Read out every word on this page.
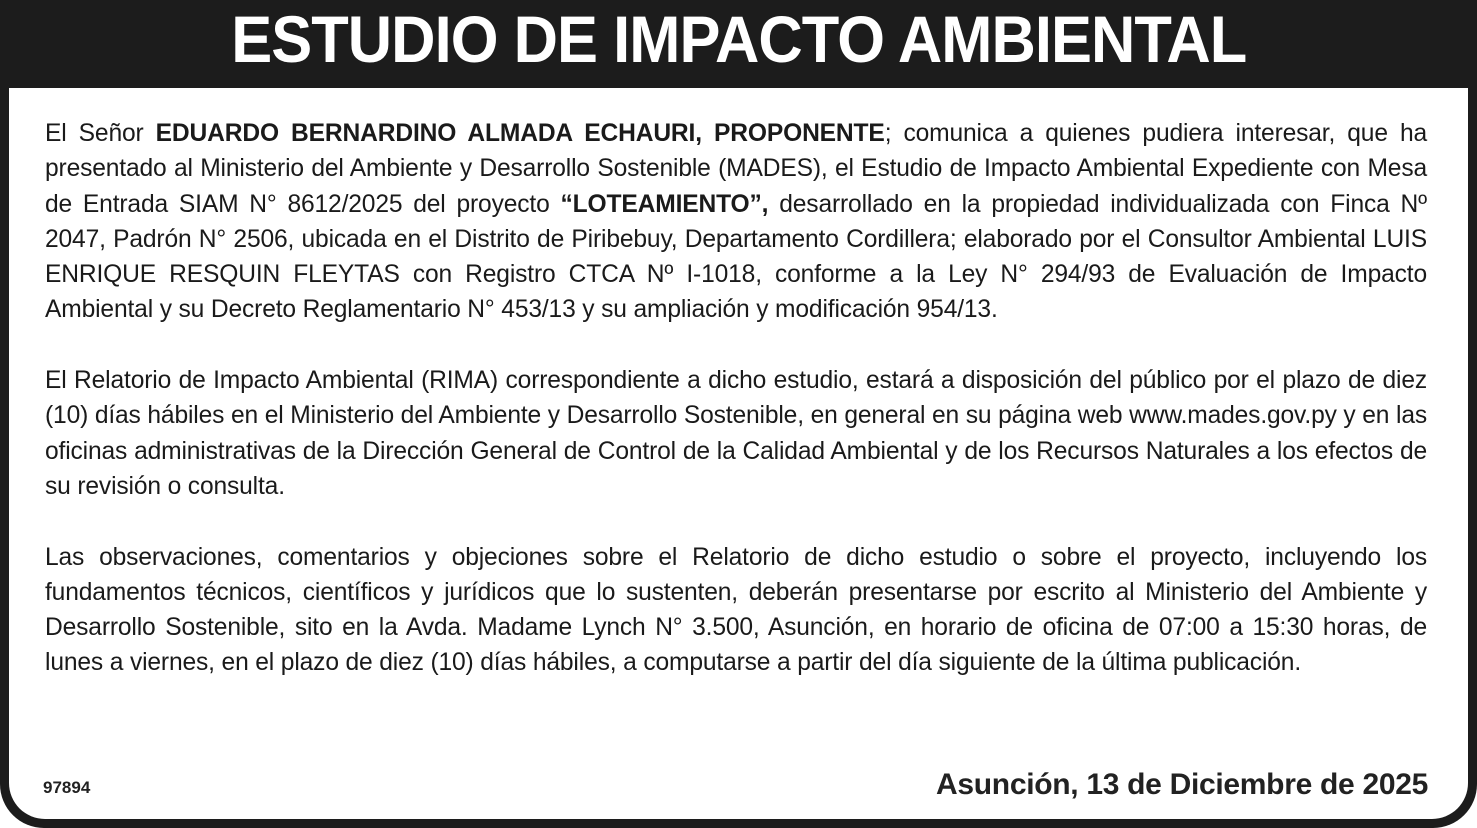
ESTUDIO DE IMPACTO AMBIENTAL

El Señor EDUARDO BERNARDINO ALMADA ECHAURI, PROPONENTE; comunica a quienes pudiera interesar, que ha presentado al Ministerio del Ambiente y Desarrollo Sostenible (MADES), el Estudio de Impacto Ambiental Expediente con Mesa de Entrada SIAM N° 8612/2025 del proyecto “LOTEAMIENTO”, desarrollado en la propiedad individualizada con Finca Nº 2047, Padrón N° 2506, ubicada en el Distrito de Piribebuy, Departamento Cordillera; elaborado por el Consultor Ambiental LUIS ENRIQUE RESQUIN FLEYTAS con Registro CTCA Nº I-1018, conforme a la Ley N° 294/93 de Evaluación de Impacto Ambiental y su Decreto Reglamentario N° 453/13 y su ampliación y modificación 954/13.

El Relatorio de Impacto Ambiental (RIMA) correspondiente a dicho estudio, estará a disposición del público por el plazo de diez (10) días hábiles en el Ministerio del Ambiente y Desarrollo Sostenible, en general en su página web www.mades.gov.py y en las oficinas administrativas de la Dirección General de Control de la Calidad Ambiental y de los Recursos Naturales a los efectos de su revisión o consulta.

Las observaciones, comentarios y objeciones sobre el Relatorio de dicho estudio o sobre el proyecto, incluyendo los fundamentos técnicos, científicos y jurídicos que lo sustenten, deberán presentarse por escrito al Ministerio del Ambiente y Desarrollo Sostenible, sito en la Avda. Madame Lynch N° 3.500, Asunción, en horario de oficina de 07:00 a 15:30 horas, de lunes a viernes, en el plazo de diez (10) días hábiles, a computarse a partir del día siguiente de la última publicación.

97894	Asunción, 13 de Diciembre de 2025
